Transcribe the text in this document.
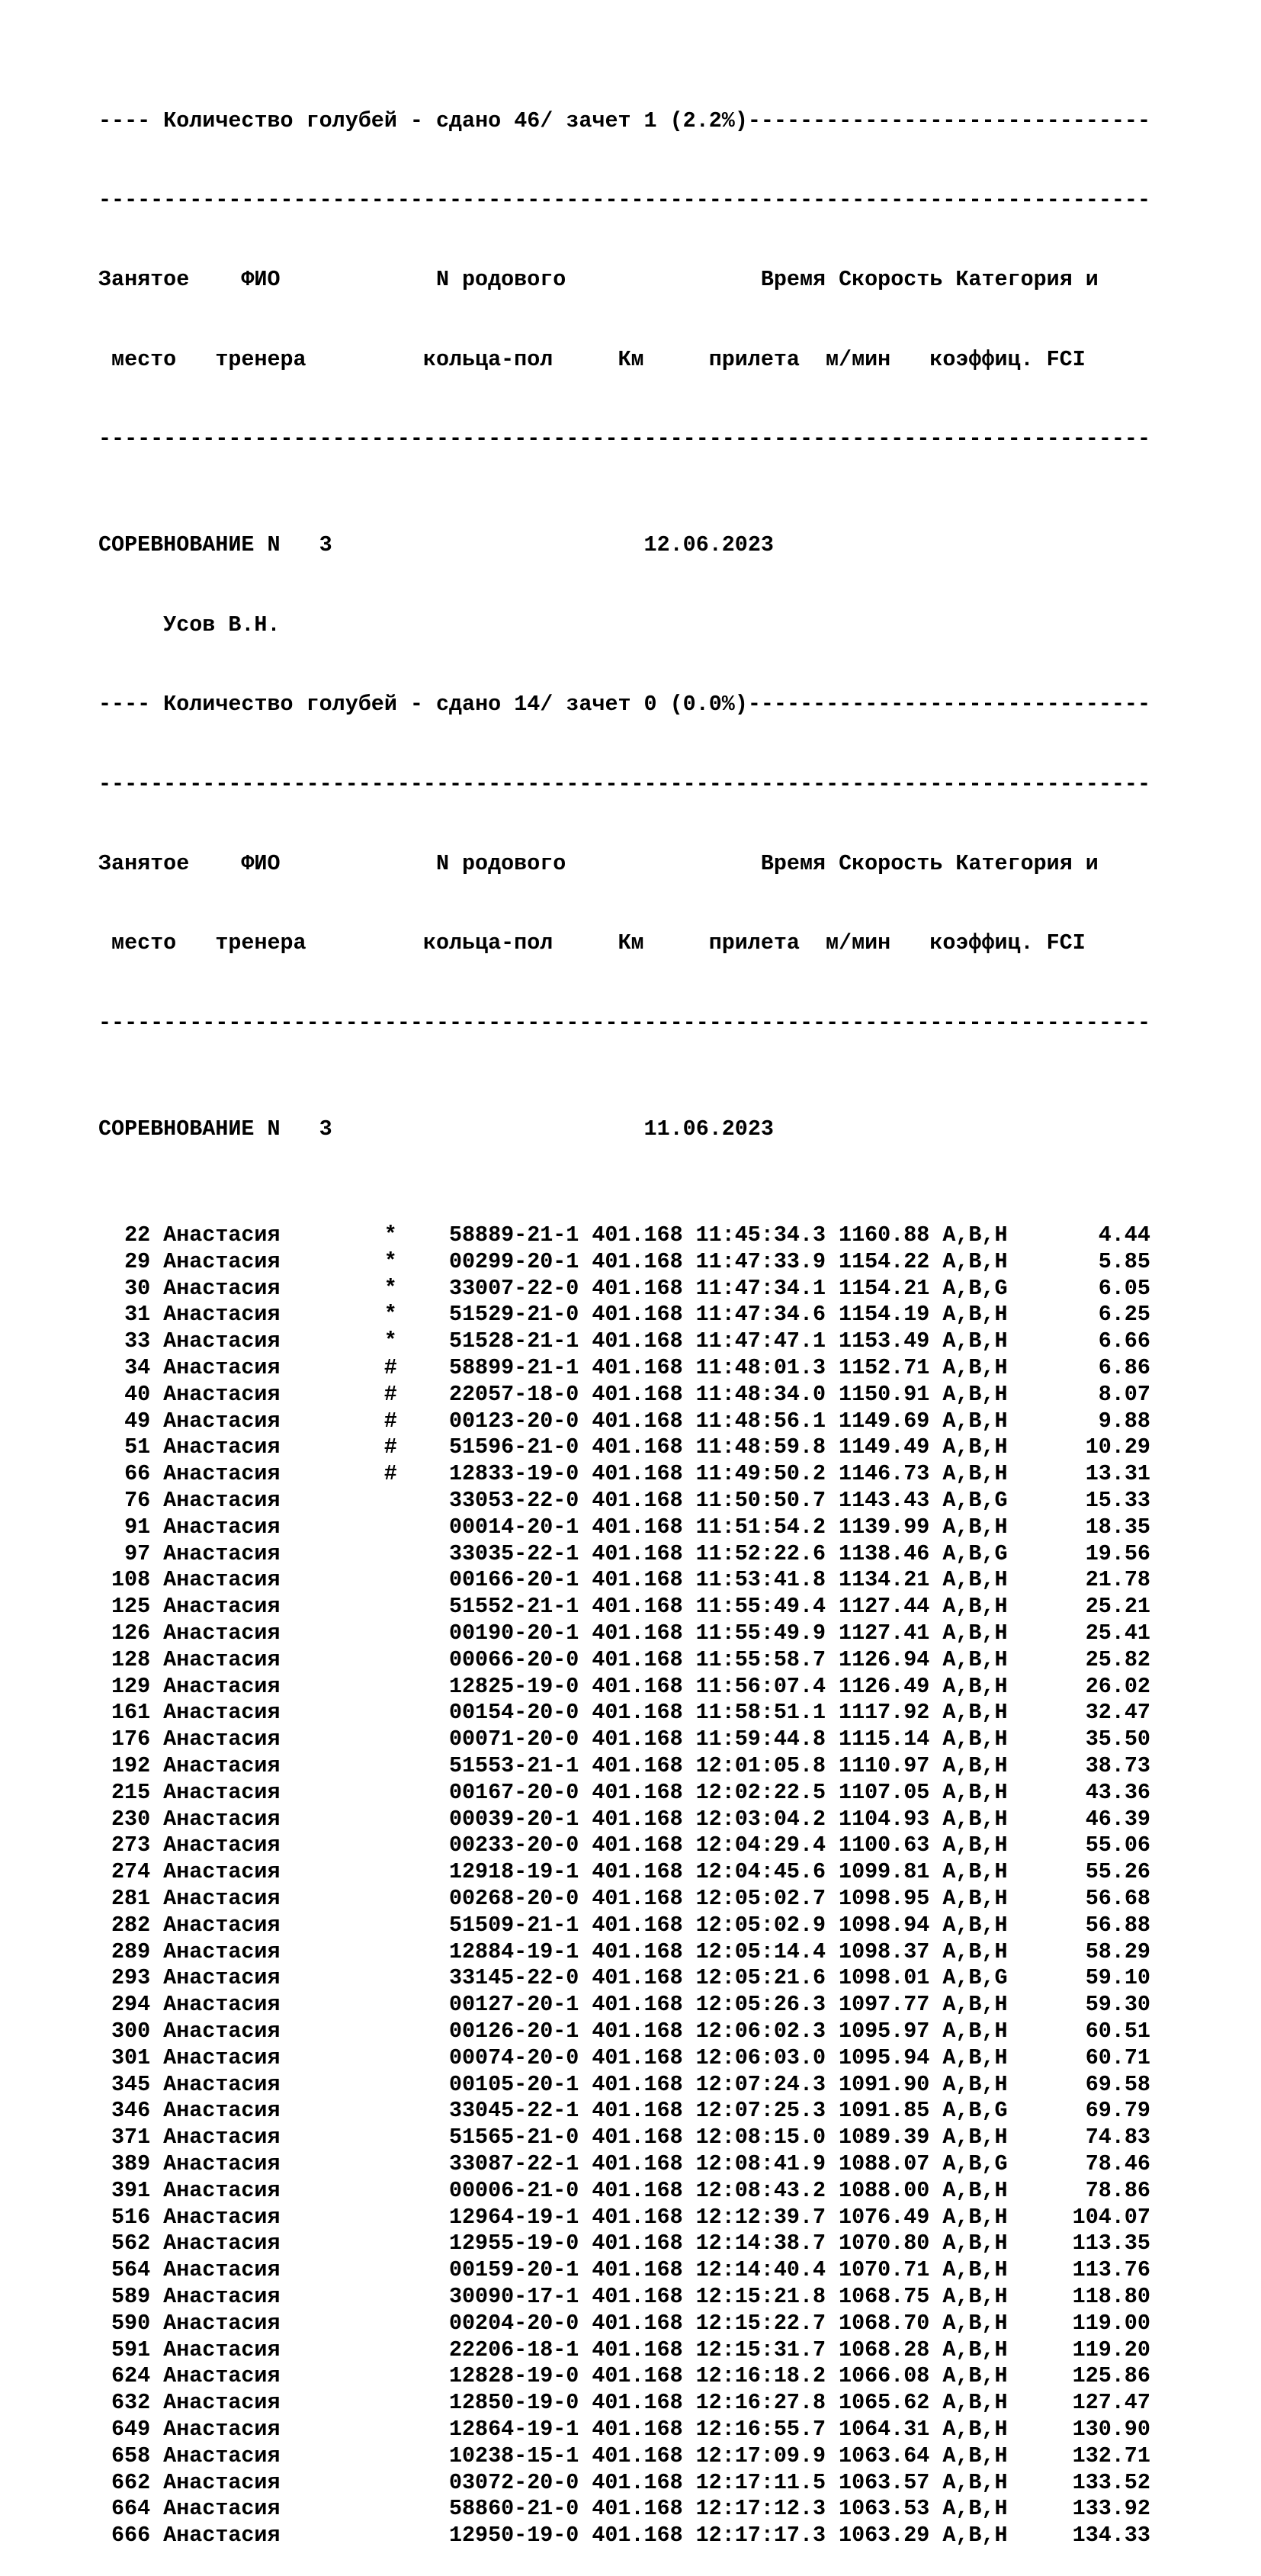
---- Количество голубей - сдано 46/ зачет 1 (2.2%)-------------------------------

---------------------------------------------------------------------------------

Занятое ФИО	N родового	Время Скорость Категория и

место тренера	кольца-пол	Км	прилета м/мин коэффиц. FCI

---------------------------------------------------------------------------------

СОРЕВНОВАНИЕ N 3	12.06.2023

Усов В.Н.

---- Количество голубей - сдано 14/ зачет 0 (0.0%)-------------------------------

---------------------------------------------------------------------------------

Занятое ФИО	N родового	Время Скорость Категория и

место тренера	кольца-пол	Км	прилета м/мин коэффиц. FCI

---------------------------------------------------------------------------------

СОРЕВНОВАНИЕ N 3	11.06.2023

22 Анастасия	* 58889-21-1 401.168 11:45:34.3 1160.88 A,B,H	4.44
29 Анастасия	* 00299-20-1 401.168 11:47:33.9 1154.22 A,B,H	5.85
30 Анастасия	* 33007-22-0 401.168 11:47:34.1 1154.21 A,B,G	6.05
31 Анастасия	* 51529-21-0 401.168 11:47:34.6 1154.19 A,B,H	6.25
33 Анастасия	* 51528-21-1 401.168 11:47:47.1 1153.49 A,B,H	6.66
34 Анастасия	# 58899-21-1 401.168 11:48:01.3 1152.71 A,B,H	6.86
40 Анастасия	# 22057-18-0 401.168 11:48:34.0 1150.91 A,B,H	8.07
49 Анастасия	# 00123-20-0 401.168 11:48:56.1 1149.69 A,B,H	9.88
51 Анастасия	# 51596-21-0 401.168 11:48:59.8 1149.49 A,B,H	10.29
66 Анастасия	# 12833-19-0 401.168 11:49:50.2 1146.73 A,B,H	13.31
76 Анастасия	33053-22-0 401.168 11:50:50.7 1143.43 A,B,G	15.33
91 Анастасия	00014-20-1 401.168 11:51:54.2 1139.99 A,B,H	18.35
97 Анастасия	33035-22-1 401.168 11:52:22.6 1138.46 A,B,G	19.56
108 Анастасия	00166-20-1 401.168 11:53:41.8 1134.21 A,B,H	21.78
125 Анастасия	51552-21-1 401.168 11:55:49.4 1127.44 A,B,H	25.21
126 Анастасия	00190-20-1 401.168 11:55:49.9 1127.41 A,B,H	25.41
128 Анастасия	00066-20-0 401.168 11:55:58.7 1126.94 A,B,H	25.82
129 Анастасия	12825-19-0 401.168 11:56:07.4 1126.49 A,B,H	26.02
161 Анастасия	00154-20-0 401.168 11:58:51.1 1117.92 A,B,H	32.47
176 Анастасия	00071-20-0 401.168 11:59:44.8 1115.14 A,B,H	35.50
192 Анастасия	51553-21-1 401.168 12:01:05.8 1110.97 A,B,H	38.73
215 Анастасия	00167-20-0 401.168 12:02:22.5 1107.05 A,B,H	43.36
230 Анастасия	00039-20-1 401.168 12:03:04.2 1104.93 A,B,H	46.39
273 Анастасия	00233-20-0 401.168 12:04:29.4 1100.63 A,B,H	55.06
274 Анастасия	12918-19-1 401.168 12:04:45.6 1099.81 A,B,H	55.26
281 Анастасия	00268-20-0 401.168 12:05:02.7 1098.95 A,B,H	56.68
282 Анастасия	51509-21-1 401.168 12:05:02.9 1098.94 A,B,H	56.88
289 Анастасия	12884-19-1 401.168 12:05:14.4 1098.37 A,B,H	58.29
293 Анастасия	33145-22-0 401.168 12:05:21.6 1098.01 A,B,G	59.10
294 Анастасия	00127-20-1 401.168 12:05:26.3 1097.77 A,B,H	59.30
300 Анастасия	00126-20-1 401.168 12:06:02.3 1095.97 A,B,H	60.51
301 Анастасия	00074-20-0 401.168 12:06:03.0 1095.94 A,B,H	60.71
345 Анастасия	00105-20-1 401.168 12:07:24.3 1091.90 A,B,H	69.58
346 Анастасия	33045-22-1 401.168 12:07:25.3 1091.85 A,B,G	69.79
371 Анастасия	51565-21-0 401.168 12:08:15.0 1089.39 A,B,H	74.83
389 Анастасия	33087-22-1 401.168 12:08:41.9 1088.07 A,B,G	78.46
391 Анастасия	00006-21-0 401.168 12:08:43.2 1088.00 A,B,H	78.86
516 Анастасия	12964-19-1 401.168 12:12:39.7 1076.49 A,B,H	104.07
562 Анастасия	12955-19-0 401.168 12:14:38.7 1070.80 A,B,H	113.35
564 Анастасия	00159-20-1 401.168 12:14:40.4 1070.71 A,B,H	113.76
589 Анастасия	30090-17-1 401.168 12:15:21.8 1068.75 A,B,H	118.80
590 Анастасия	00204-20-0 401.168 12:15:22.7 1068.70 A,B,H	119.00
591 Анастасия	22206-18-1 401.168 12:15:31.7 1068.28 A,B,H	119.20
624 Анастасия	12828-19-0 401.168 12:16:18.2 1066.08 A,B,H	125.86
632 Анастасия	12850-19-0 401.168 12:16:27.8 1065.62 A,B,H	127.47
649 Анастасия	12864-19-1 401.168 12:16:55.7 1064.31 A,B,H	130.90
658 Анастасия	10238-15-1 401.168 12:17:09.9 1063.64 A,B,H	132.71
662 Анастасия	03072-20-0 401.168 12:17:11.5 1063.57 A,B,H	133.52
664 Анастасия	58860-21-0 401.168 12:17:12.3 1063.53 A,B,H	133.92
666 Анастасия	12950-19-0 401.168 12:17:17.3 1063.29 A,B,H	134.33
